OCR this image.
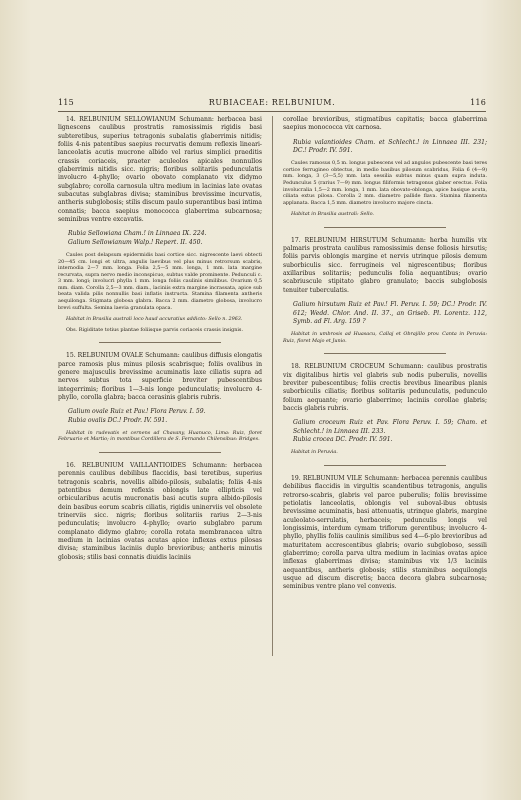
115	RUBIACEAE: RELBUNIUM.	116

14. RELBUNIUM SELLOWIANUM Schumann: herbacea basi lignescens caulibus prostratis ramosissimis rigidis basi subteretibus, superius tetragonis subalatis glaberrimis nitidis; foliis 4-nis patentibus saepius recurvatis demum reflexis lineari-lanceolatis acutis mucrone albido vel rarius simplici praeditis crassis coriaceis, praeter aculeolos apicales nonnullos glaberrimis nitidis sicc. nigris; floribus solitariis pedunculatis involucro 4-phyllo; ovario obovato complanato vix didymo subglabro; corolla carnosula ultra medium in lacinias late ovatas subacutas subglabras divisa; staminibus brevissime incurvatis, antheris subglobosis; stilis discum paulo superantibus basi intima connatis; bacca saepius monococca glaberrima subcarnosa; seminibus ventre excavatis.

Rubia Sellowiana Cham.! in Linnaea IX. 224.
Galium Sellowianum Walp.! Repert. II. 450.
Caules post delapsum epidermidis basi cortice sicc. nigrescente laevi obtecti 20—45 cm. longi et ultra, angulis laevibus vel plus minus retrorsum scabris, internodia 2—7 mm. longa. Folia 2,5—5 mm. longa, 1 mm. lata margine recurvata, supra nervo medio inconspicuo, subtus valde prominente. Pedunculi c. 3 mm. longi; involucri phylla 1 mm. longa foliis caulinis similibus. Ovarium 0,5 mm. diam. Corolla 2,5—3 mm. diam., laciniis extra margine incrassata, apice sub beata valida pilis nonnullis basi inflatis instructa. Stamina filamenta antheris aequilonga. Stigmata globosa glabra. Bacca 2 mm. diametro globosa, involucro brevi suffulta. Semina laevia granulata opaca.
Habitat in Brasilia australi loco haud accuratius addicto: Sello n. 2963.
Obs. Rigiditate totius plantae foliisque parvis coriaceis crassis insignis.

15. RELBUNIUM OVALE Schumann: caulibus diffusis elongatis parce ramosis plus minus pilosis scabrisque; foliis ovalibus in genere majusculis brevissime acuminatis laxe ciliatis supra ad nervos subtus tota superficie breviter pubescentibus integerrimis; floribus 1—3-nis longe pedunculatis; involucro 4-phyllo, corolla glabra; bacca cerasinis glabris rubris.

Galium ovale Ruiz et Pav.! Flora Peruv. I. 59.
Rubia ovalis DC.! Prodr. IV. 591.
Habitat in rudevatis et cernens ad Chavany, Huanuco, Lima: Ruiz, floret Februario et Martio; in montibus Cordillera de S. Fernando Chilensibus: Bridges.

16. RELBUNIUM VAILLANTIOIDES Schumann: herbacea perennis caulibus debilibus flaccidis, basi teretibus, superius tetragonis scabris, novellis albido-pilosis, subalatis; foliis 4-nis patentibus demum reflexis oblongis late ellipticis vel orbicularibus acutis mucronatis basi acutis supra albido-pilosis dein basibus eorum scabris ciliatis, rigidis uninerviis vel obsolete trinerviis sicc. nigris; floribus solitariis rarius 2—3-nis pedunculatis; involucro 4-phyllo; ovario subglabro parum complanato didymo glabro; corolla rotata membranacea ultra medium in lacinias ovatas acutas apice inflexas extus pilosas divisa; staminibus laciniis duplo brevioribus; antheris minutis globosis; stilis basi connatis diuidis laciniis

corollae brevioribus, stigmatibus capitatis; bacca glaberrima saepius monococca vix carnosa.

Rubia valantioides Cham. et Schlecht.! in Linnaea III. 231; DC.! Prodr. IV. 591.
Caules ramosus 0,5 m. longus pubescens vel ad angulos pubescente basi teres cortice ferrugineo obtectus, in medio basibus pilosum scabridus, Folia 6 (4—9) mm. longa, 3 (3—5,5) mm. lata sessilia subtus minus quam supra induta. Pedunculus 5 (rarius 7—9) mm. longus filiformis tetragonus glaber erectus. Folia involucralia 1,5—2 mm. longa, 1 mm. lata obovato-oblonga, apice basique acuta, ciliata extus pilosa. Corolla 2 mm. diametro pallide flava. Stamina filamenta applanata. Bacca 1,5 mm. diametro involucro majore cincta.
Habitat in Brasilia australi: Sello.

17. RELBUNIUM HIRSUTUM Schumann: herba humilis vix palmaris prostrata caulibus ramosissimis dense foliosis hirsutis; foliis parvis oblongis margine et nervis utrinque pilosis demum suborbiculis sicc. ferrugineis vel nigrescentibus; floribus axillaribus solitariis; pedunculis folia aequantibus; ovario scabriuscule stipitato glabro granulato; baccis subglobosis tenuiter tuberculatis.

Galium hirsutum Ruiz et Pav.! Fl. Peruv. I. 59; DC.! Prodr. IV. 612; Wedd. Chlor. And. II. 37., an Griseb. Pl. Lorentz. 112, Symb. ad Fl. Arg. 159 ?
Habitat in umbrosis ad Huasacu, Callaj et Obrajillo prov. Canta in Peruvia: Ruiz, floret Majo et Junio.

18. RELBUNIUM CROCEUM Schumann: caulibus prostratis vix digitalibus hirtis vel glabris sub nodis puberulis, novellis breviter pubescentibus; foliis crectis brevibus linearibus planis suborbiculis ciliatis; floribus solitariis pedunculatis, pedunculo folium aequante; ovario glaberrimo; laciniis corollae glabris; baccis glabris rubris.

Galium croceum Ruiz et Pav. Flora Peruv. I. 59; Cham. et Schlecht.! in Linnaea III. 233.
Rubia crocea DC. Prodr. IV. 591.
Habitat in Peruvia.

19. RELBUNIUM VILE Schumann: herbacea perennis caulibus debilibus flaccidis in virgultis scandentibus tetragonis, angulis retrorso-scabris, glabris vel parce puberulis; foliis brevissime petiolatis lanceolatis, oblongis vel suboval-ibus obtusis brevissime acuminatis, basi attenuatis, utrinque glabris, margine aculeolato-serrulatis, herbaceis; pedunculis longis vel longissimis, interdum cymam triflorum gerentibus; involucro 4-phyllo, phyllis foliis caulinis similibus sed 4—6-plo brevioribus ad maturitatem accrescentibus glabris; ovario subgloboso, sessili glaberrimo; corolla parva ultra medium in lacinias ovatas apice inflexas glaberrimas divisa; staminibus vix 1/3 laciniis aequantibus, antheris globosis; stilis staminibus aequilongis usque ad discum discretis; bacca decora glabra subcarnosa; seminibus ventre plano vel convexis.
